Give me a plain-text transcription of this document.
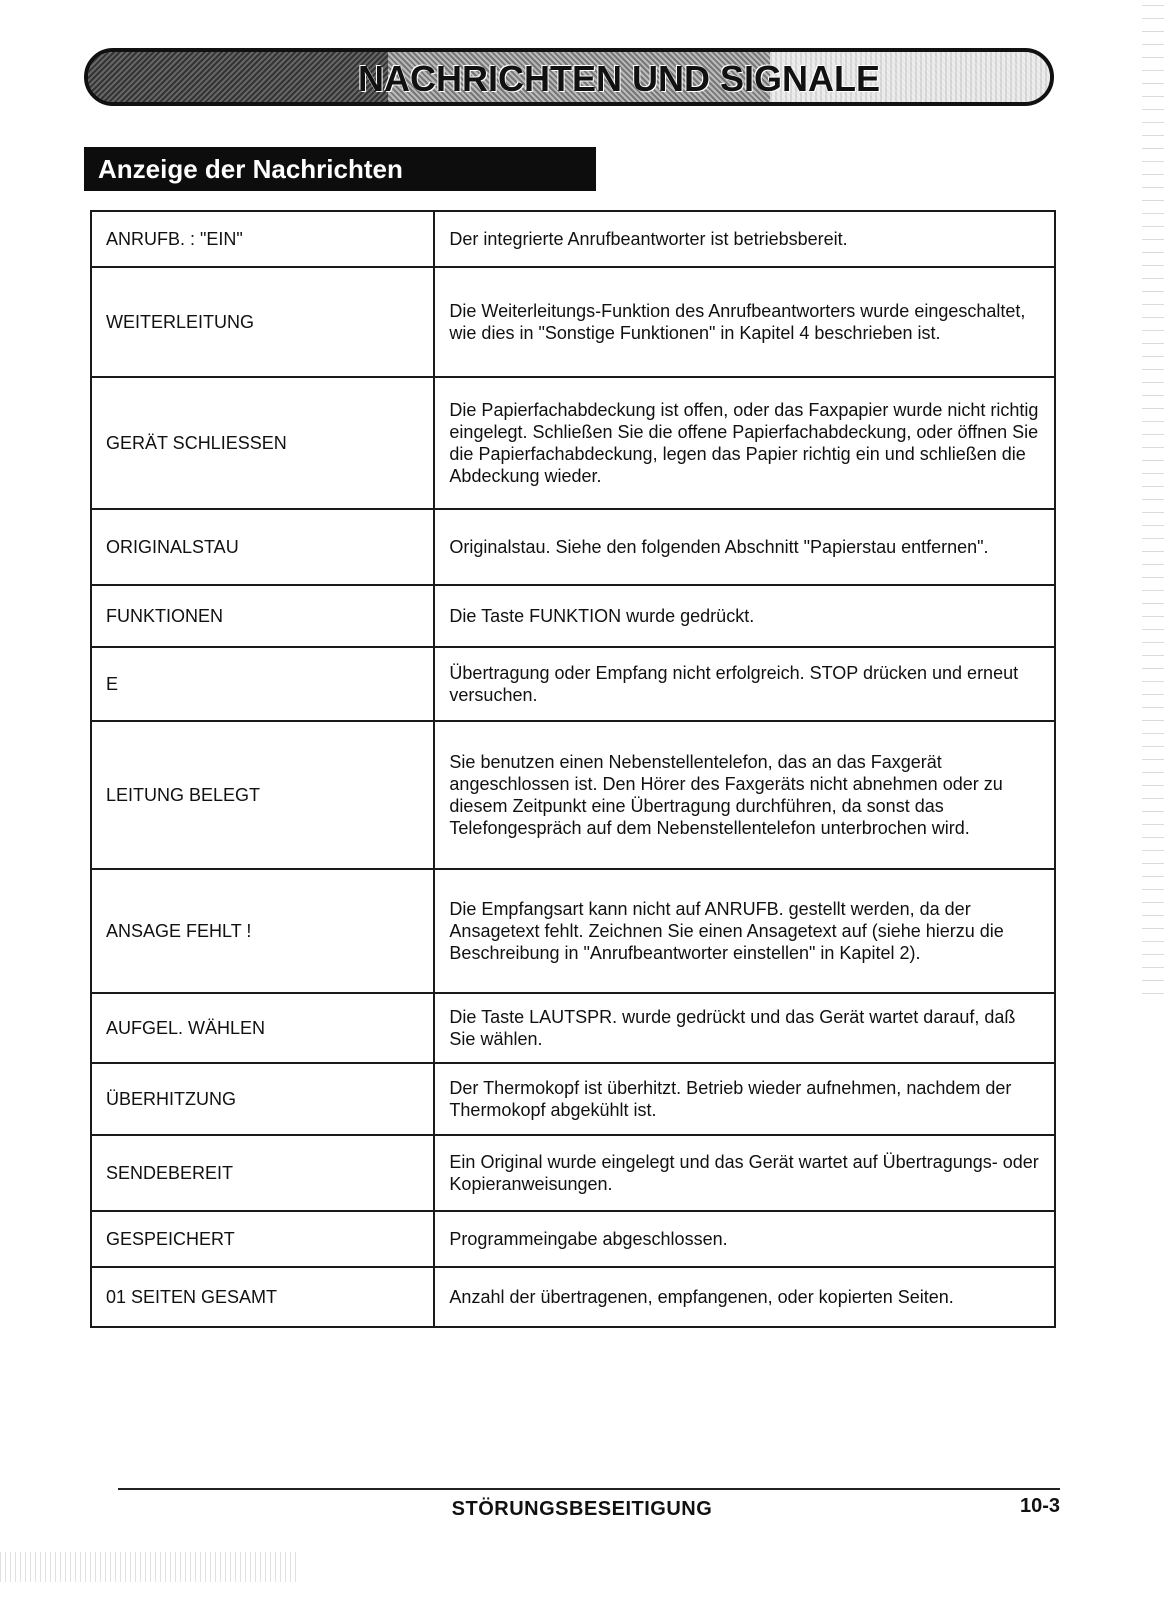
NACHRICHTEN UND SIGNALE
Anzeige der Nachrichten
ANRUFB. : "EIN"	Der integrierte Anrufbeantworter ist betriebsbereit.
WEITERLEITUNG	Die Weiterleitungs-Funktion des Anrufbeantworters wurde eingeschaltet, wie dies in "Sonstige Funktionen" in Kapitel 4 beschrieben ist.
GERÄT SCHLIESSEN	Die Papierfachabdeckung ist offen, oder das Faxpapier wurde nicht richtig eingelegt. Schließen Sie die offene Papierfachabdeckung, oder öffnen Sie die Papierfachabdeckung, legen das Papier richtig ein und schließen die Abdeckung wieder.
ORIGINALSTAU	Originalstau. Siehe den folgenden Abschnitt "Papierstau entfernen".
FUNKTIONEN	Die Taste FUNKTION wurde gedrückt.
E	Übertragung oder Empfang nicht erfolgreich. STOP drücken und erneut versuchen.
LEITUNG BELEGT	Sie benutzen einen Nebenstellentelefon, das an das Faxgerät angeschlossen ist. Den Hörer des Faxgeräts nicht abnehmen oder zu diesem Zeitpunkt eine Übertragung durchführen, da sonst das Telefongespräch auf dem Nebenstellentelefon unterbrochen wird.
ANSAGE FEHLT !	Die Empfangsart kann nicht auf ANRUFB. gestellt werden, da der Ansagetext fehlt. Zeichnen Sie einen Ansagetext auf (siehe hierzu die Beschreibung in "Anrufbeantworter einstellen" in Kapitel 2).
AUFGEL. WÄHLEN	Die Taste LAUTSPR. wurde gedrückt und das Gerät wartet darauf, daß Sie wählen.
ÜBERHITZUNG	Der Thermokopf ist überhitzt. Betrieb wieder aufnehmen, nachdem der Thermokopf abgekühlt ist.
SENDEBEREIT	Ein Original wurde eingelegt und das Gerät wartet auf Übertragungs- oder Kopieranweisungen.
GESPEICHERT	Programmeingabe abgeschlossen.
01 SEITEN GESAMT	Anzahl der übertragenen, empfangenen, oder kopierten Seiten.
STÖRUNGSBESEITIGUNG	10-3
